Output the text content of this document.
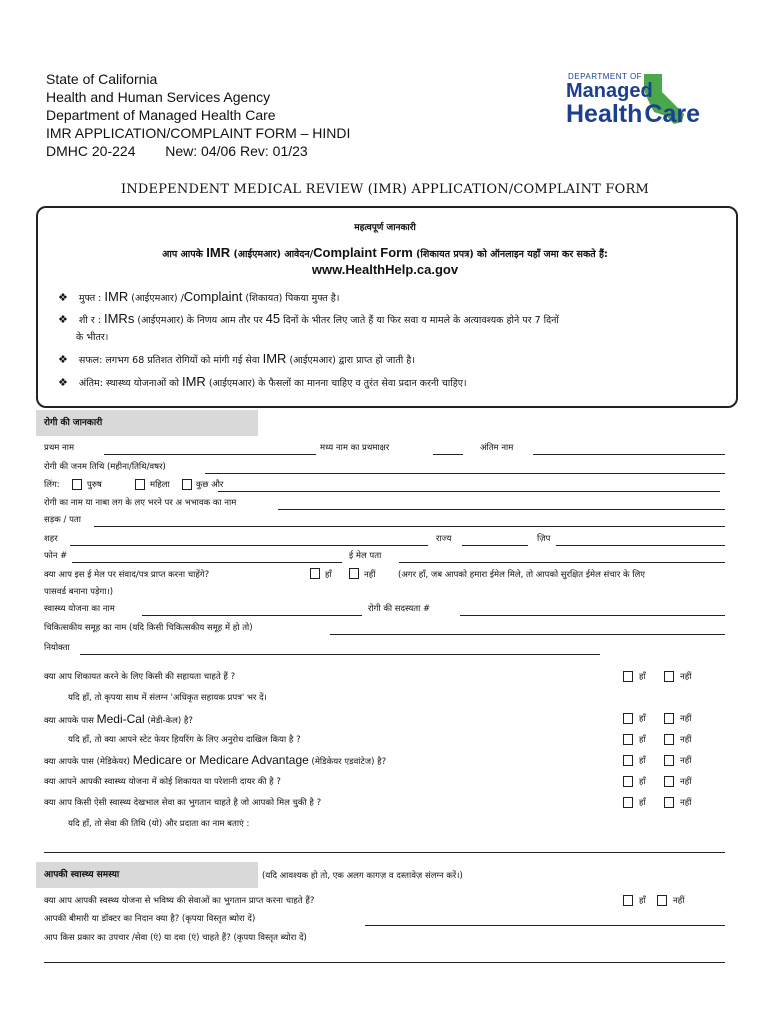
State of California
Health and Human Services Agency
Department of Managed Health Care
IMR APPLICATION/COMPLAINT FORM – HINDI
DMHC 20-224 New: 04/06 Rev: 01/23
DEPARTMENT OF
Managed
HealthCare
INDEPENDENT MEDICAL REVIEW (IMR) APPLICATION/COMPLAINT FORM
महत्वपूर्ण जानकारी
आप आपके IMR (आईएमआर) आवेदन/Complaint Form (शिकायत प्रपत्र) को ऑनलाइन यहाँ जमा कर सकते हैं:
www.HealthHelp.ca.gov
❖ मुफ्त : IMR (आईएमआर) /Complaint (शिकायत) पिकया मुफ्त है।
❖ शी र : IMRs (आईएमआर) के निणय आम तौर पर 45 दिनों के भीतर लिए जाते हैं या फिर सवा य मामले के अत्यावश्यक होने पर 7 दिनों
के भीतर।
❖ सफल: लगभग 68 प्रतिशत रोगियों को मांगी गई सेवा IMR (आईएमआर) द्वारा प्राप्त हो जाती है।
❖ अंतिम: स्थास्थ्य योजनाओं को IMR (आईएमआर) के फैसलों का मानना चाहिए व तुरंत सेवा प्रदान करनी चाहिए।
रोगी की जानकारी
प्रथम नाम	मध्य नाम का प्रथमाक्षर	अंतिम नाम
रोगी की जनम तिथि (महीना/तिथि/वषर)
लिंग:	पुरुष	महिला	कुछ और
रोगी का नाम या नाबा लग के लए भरने पर अ भभावक का नाम
सड़क / पता
शहर	राज्य	ज़िप
फोन #	ई मेल पता
क्या आप इस ई मेल पर संवाद/पत्र प्राप्त करना चाहेंगे?	हाँ	नहीं	(अगर हाँ, जब आपको हमारा ईमेल मिले, तो आपको सुरक्षित ईमेल संचार के लिए
पासवर्ड बनाना पड़ेगा।)
स्वास्थ्य योजना का नाम	रोगी की सदस्यता #
चिकित्सकीय समूह का नाम (यदि किसी चिकित्सकीय समूह में हो तो)
नियोक्ता
क्या आप शिकायत करने के लिए किसी की सहायता चाहते हैं ?	हाँ	नहीं
यदि हाँ, तो कृपया साथ में संलग्न 'अधिकृत सहायक प्रपत्र' भर दें।
क्या आपके पास Medi-Cal (मेडी-केल) है?	हाँ	नहीं
यदि हाँ, तो क्या आपने स्टेट फेयर हियरिंग के लिए अनुरोध दाखिल किया है ?	हाँ	नहीं
क्या आपके पास (मेडिकेयर) Medicare or Medicare Advantage (मेडिकेयर एडवांटेज) है?	हाँ	नहीं
क्या आपने आपकी स्वास्थ्य योजना में कोई शिकायत या परेशानी दायर की है ?	हाँ	नहीं
क्या आप किसी ऐसी स्वास्थ्य देखभाल सेवा का भुगतान चाहते है जो आपको मिल चुकी है ?	हाँ	नहीं
यदि हाँ, तो सेवा की तिथि (यो) और प्रदाता का नाम बताएं :
आपकी स्वास्थ्य समस्या	(यदि आवश्यक हो तो, एक अलग कागज़ व दस्तावेज़ संलग्न करें।)
क्या आप आपकी स्वस्थ्य योजना से भविष्य की सेवाओं का भुगतान प्राप्त करना चाहते हैं?	हाँ	नहीं
आपकी बीमारी या डॉक्टर का निदान क्या है? (कृपया विस्तृत ब्योरा दें)
आप किस प्रकार का उपचार /सेवा (एं) या दवा (एं) चाहते हैं? (कृपया विस्तृत ब्योरा दें)
